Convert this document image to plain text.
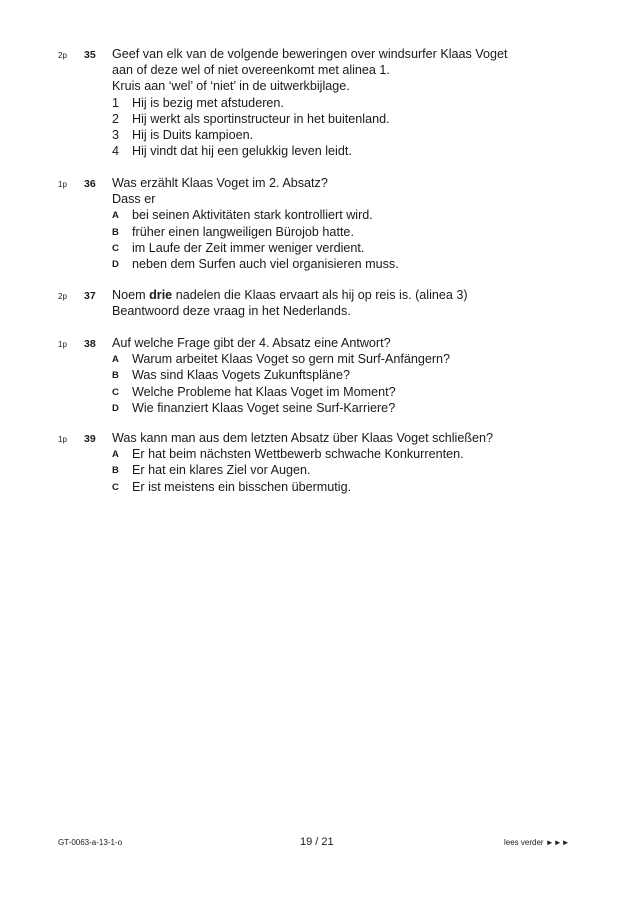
2p 35 Geef van elk van de volgende beweringen over windsurfer Klaas Voget
aan of deze wel of niet overeenkomt met alinea 1.
Kruis aan ‘wel’ of ‘niet’ in de uitwerkbijlage.
1 Hij is bezig met afstuderen.
2 Hij werkt als sportinstructeur in het buitenland.
3 Hij is Duits kampioen.
4 Hij vindt dat hij een gelukkig leven leidt.
1p 36 Was erzählt Klaas Voget im 2. Absatz?
Dass er
A bei seinen Aktivitäten stark kontrolliert wird.
B früher einen langweiligen Bürojob hatte.
C im Laufe der Zeit immer weniger verdient.
D neben dem Surfen auch viel organisieren muss.
2p 37 Noem drie nadelen die Klaas ervaart als hij op reis is. (alinea 3)
Beantwoord deze vraag in het Nederlands.
1p 38 Auf welche Frage gibt der 4. Absatz eine Antwort?
A Warum arbeitet Klaas Voget so gern mit Surf-Anfängern?
B Was sind Klaas Vogets Zukunftspläne?
C Welche Probleme hat Klaas Voget im Moment?
D Wie finanziert Klaas Voget seine Surf-Karriere?
1p 39 Was kann man aus dem letzten Absatz über Klaas Voget schließen?
A Er hat beim nächsten Wettbewerb schwache Konkurrenten.
B Er hat ein klares Ziel vor Augen.
C Er ist meistens ein bisschen übermutig.
GT-0063-a-13-1-o	19 / 21	lees verder ►►►
